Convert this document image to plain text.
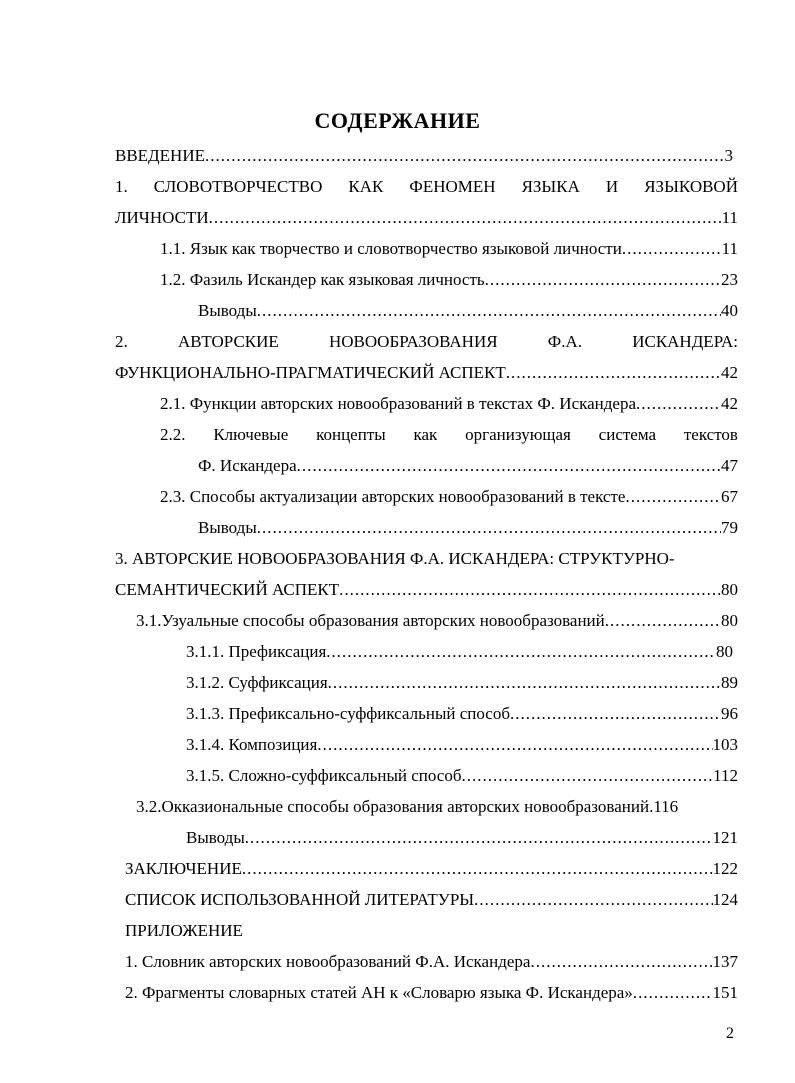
СОДЕРЖАНИЕ
ВВЕДЕНИЕ .....	3
1. СЛОВОТВОРЧЕСТВО КАК ФЕНОМЕН ЯЗЫКА И ЯЗЫКОВОЙ
ЛИЧНОСТИ .....	11
1.1. Язык как творчество и словотворчество языковой личности .....	11
1.2. Фазиль Искандер как языковая личность .....	23
Выводы .....	40
2.	АВТОРСКИЕ	НОВООБРАЗОВАНИЯ	Ф.А.	ИСКАНДЕРА:
ФУНКЦИОНАЛЬНО-ПРАГМАТИЧЕСКИЙ АСПЕКТ .....	42
2.1. Функции авторских новообразований в текстах Ф. Искандера .....	42
2.2. Ключевые концепты как организующая система текстов
Ф. Искандера .....	47
2.3. Способы актуализации авторских новообразований в тексте .....	67
Выводы .....	79
3. АВТОРСКИЕ НОВООБРАЗОВАНИЯ Ф.А. ИСКАНДЕРА: СТРУКТУРНО-
СЕМАНТИЧЕСКИЙ АСПЕКТ .....	80
3.1.Узуальные способы образования авторских новообразований .....	80
3.1.1. Префиксация .....	80
3.1.2. Суффиксация .....	89
3.1.3. Префиксально-суффиксальный способ .....	96
3.1.4. Композиция .....	103
3.1.5. Сложно-суффиксальный способ .....	112
3.2.Окказиональные способы образования авторских новообразований.116
Выводы .....	121
ЗАКЛЮЧЕНИЕ .....	122
СПИСОК ИСПОЛЬЗОВАННОЙ ЛИТЕРАТУРЫ .....	124
ПРИЛОЖЕНИЕ
1. Словник авторских новообразований Ф.А. Искандера .....	137
2. Фрагменты словарных статей АН к «Словарю языка Ф. Искандера» .....	151
2
